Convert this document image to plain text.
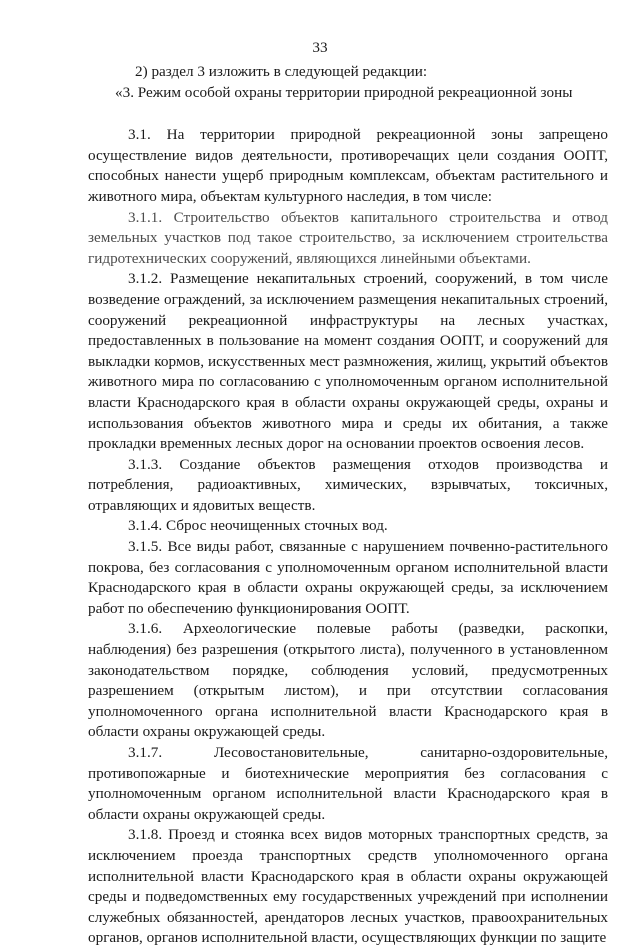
33

2) раздел 3 изложить в следующей редакции:

«3. Режим особой охраны территории природной рекреационной зоны

3.1. На территории природной рекреационной зоны запрещено осуществление видов деятельности, противоречащих цели создания ООПТ, способных нанести ущерб природным комплексам, объектам растительного и животного мира, объектам культурного наследия, в том числе:

3.1.1. Строительство объектов капитального строительства и отвод земельных участков под такое строительство, за исключением строительства гидротехнических сооружений, являющихся линейными объектами.

3.1.2. Размещение некапитальных строений, сооружений, в том числе возведение ограждений, за исключением размещения некапитальных строений, сооружений рекреационной инфраструктуры на лесных участках, предоставленных в пользование на момент создания ООПТ, и сооружений для выкладки кормов, искусственных мест размножения, жилищ, укрытий объектов животного мира по согласованию с уполномоченным органом исполнительной власти Краснодарского края в области охраны окружающей среды, охраны и использования объектов животного мира и среды их обитания, а также прокладки временных лесных дорог на основании проектов освоения лесов.

3.1.3. Создание объектов размещения отходов производства и потребления, радиоактивных, химических, взрывчатых, токсичных, отравляющих и ядовитых веществ.

3.1.4. Сброс неочищенных сточных вод.

3.1.5. Все виды работ, связанные с нарушением почвенно-растительного покрова, без согласования с уполномоченным органом исполнительной власти Краснодарского края в области охраны окружающей среды, за исключением работ по обеспечению функционирования ООПТ.

3.1.6. Археологические полевые работы (разведки, раскопки, наблюдения) без разрешения (открытого листа), полученного в установленном законодательством порядке, соблюдения условий, предусмотренных разрешением (открытым листом), и при отсутствии согласования уполномоченного органа исполнительной власти Краснодарского края в области охраны окружающей среды.

3.1.7. Лесовостановительные, санитарно-оздоровительные, противопожарные и биотехнические мероприятия без согласования с уполномоченным органом исполнительной власти Краснодарского края в области охраны окружающей среды.

3.1.8. Проезд и стоянка всех видов моторных транспортных средств, за исключением проезда транспортных средств уполномоченного органа исполнительной власти Краснодарского края в области охраны окружающей среды и подведомственных ему государственных учреждений при исполнении служебных обязанностей, арендаторов лесных участков, правоохранительных органов, органов исполнительной власти, осуществляющих функции по защите
